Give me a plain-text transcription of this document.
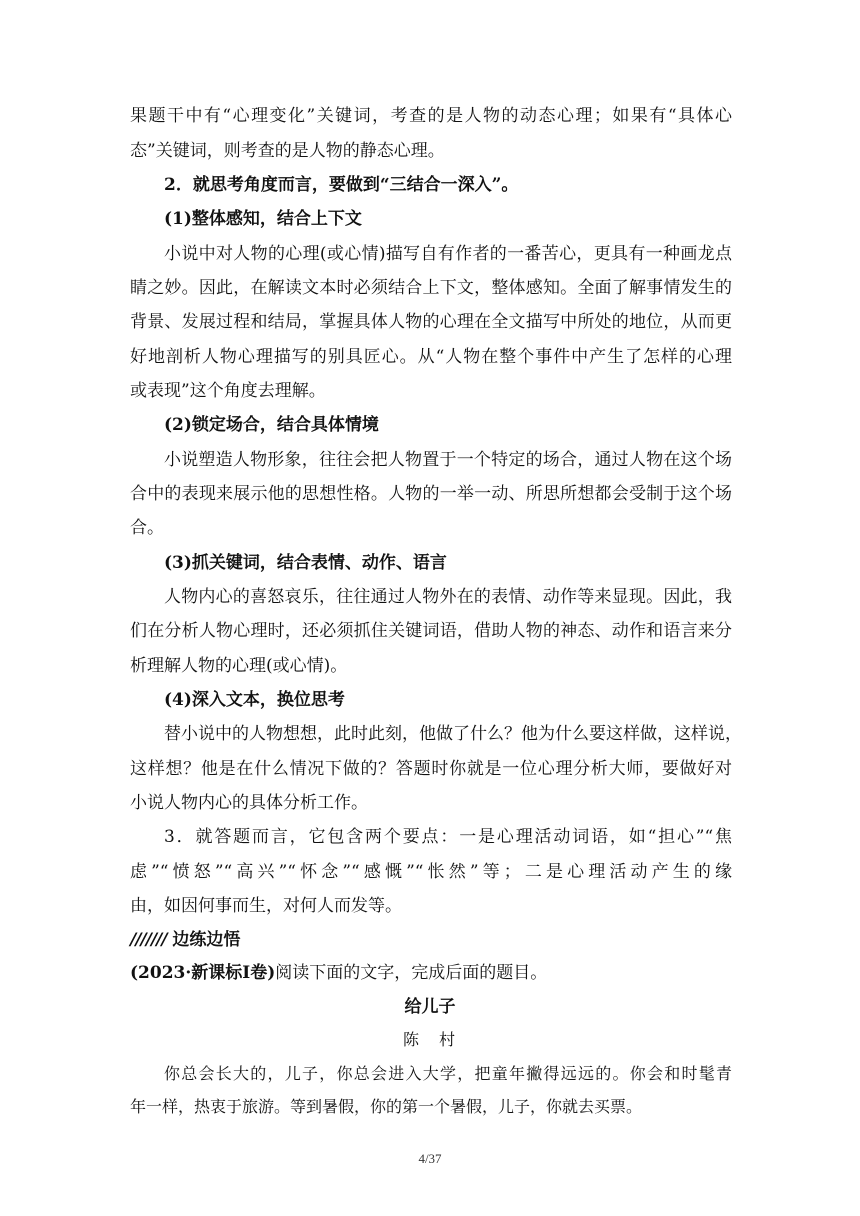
果题干中有“心理变化”关键词，考查的是人物的动态心理；如果有“具体心
态”关键词，则考查的是人物的静态心理。
2．就思考角度而言，要做到“三结合一深入”。
(1)整体感知，结合上下文
小说中对人物的心理(或心情)描写自有作者的一番苦心，更具有一种画龙点
睛之妙。因此，在解读文本时必须结合上下文，整体感知。全面了解事情发生的
背景、发展过程和结局，掌握具体人物的心理在全文描写中所处的地位，从而更
好地剖析人物心理描写的别具匠心。从“人物在整个事件中产生了怎样的心理
或表现”这个角度去理解。
(2)锁定场合，结合具体情境
小说塑造人物形象，往往会把人物置于一个特定的场合，通过人物在这个场
合中的表现来展示他的思想性格。人物的一举一动、所思所想都会受制于这个场
合。
(3)抓关键词，结合表情、动作、语言
人物内心的喜怒哀乐，往往通过人物外在的表情、动作等来显现。因此，我
们在分析人物心理时，还必须抓住关键词语，借助人物的神态、动作和语言来分
析理解人物的心理(或心情)。
(4)深入文本，换位思考
替小说中的人物想想，此时此刻，他做了什么？他为什么要这样做，这样说，
这样想？他是在什么情况下做的？答题时你就是一位心理分析大师，要做好对
小说人物内心的具体分析工作。
3．就答题而言，它包含两个要点：一是心理活动词语，如“担心”“焦
虑”“愤怒”“高兴”“怀念”“感慨”“怅然”等；二是心理活动产生的缘
由，如因何事而生，对何人而发等。
/////// 边练边悟
(2023·新课标Ⅰ卷)阅读下面的文字，完成后面的题目。
给儿子
陈　村
你总会长大的，儿子，你总会进入大学，把童年撇得远远的。你会和时髦青
年一样，热衷于旅游。等到暑假，你的第一个暑假，儿子，你就去买票。
4/37
